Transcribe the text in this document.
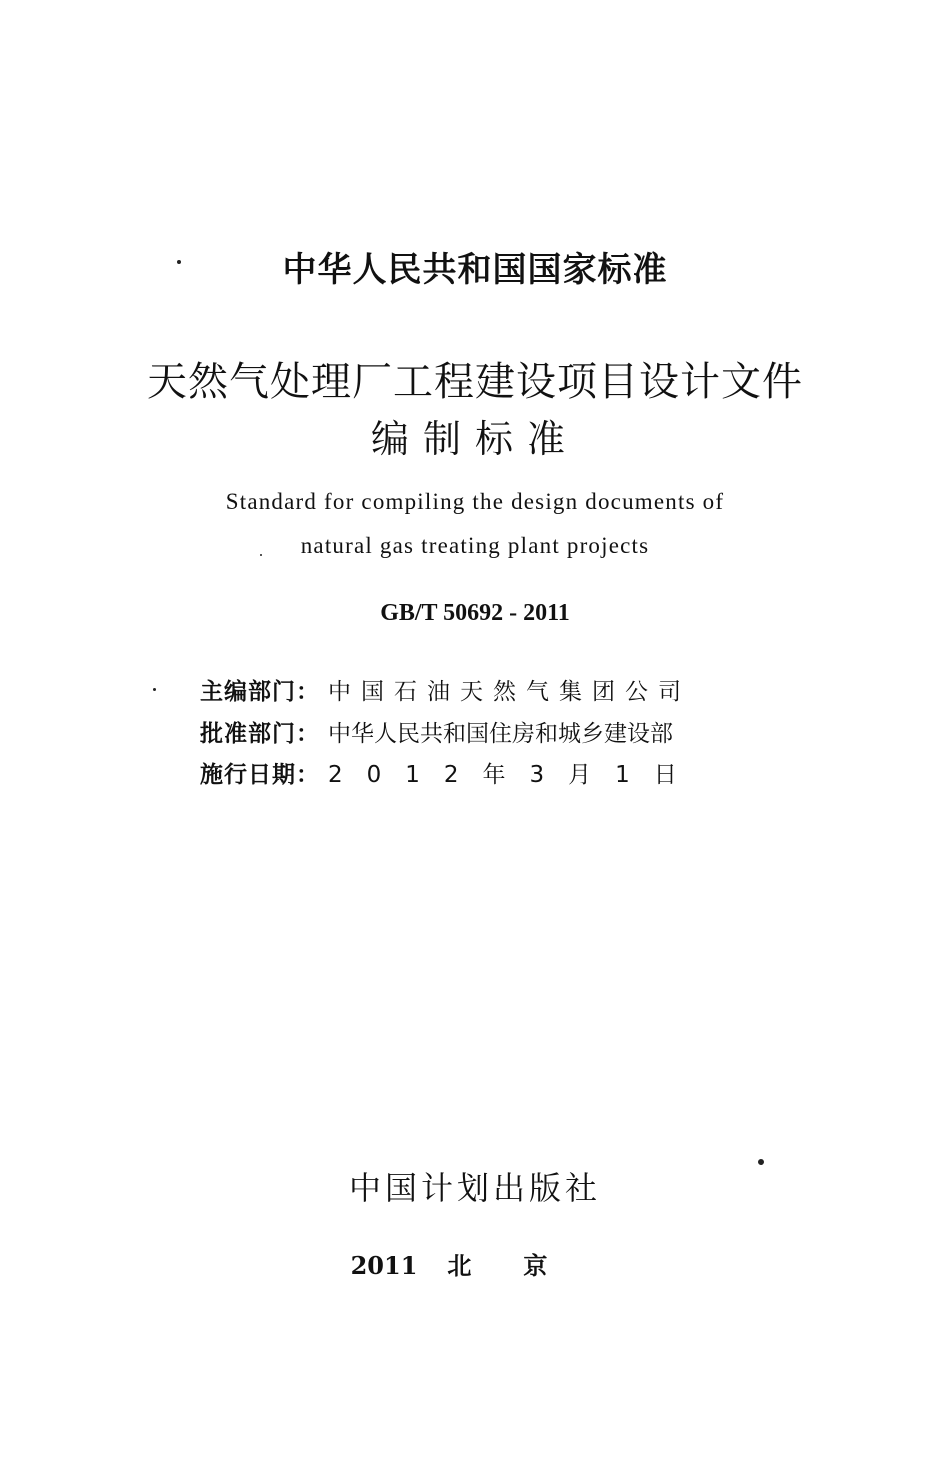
中华人民共和国国家标准
天然气处理厂工程建设项目设计文件
编制标准
Standard for compiling the design documents of
natural gas treating plant projects
GB/T 50692 - 2011
主编部门： 中国石油天然气集团公司
批准部门： 中华人民共和国住房和城乡建设部
施行日期： 2012年3月1日
中国计划出版社
2011 北京
